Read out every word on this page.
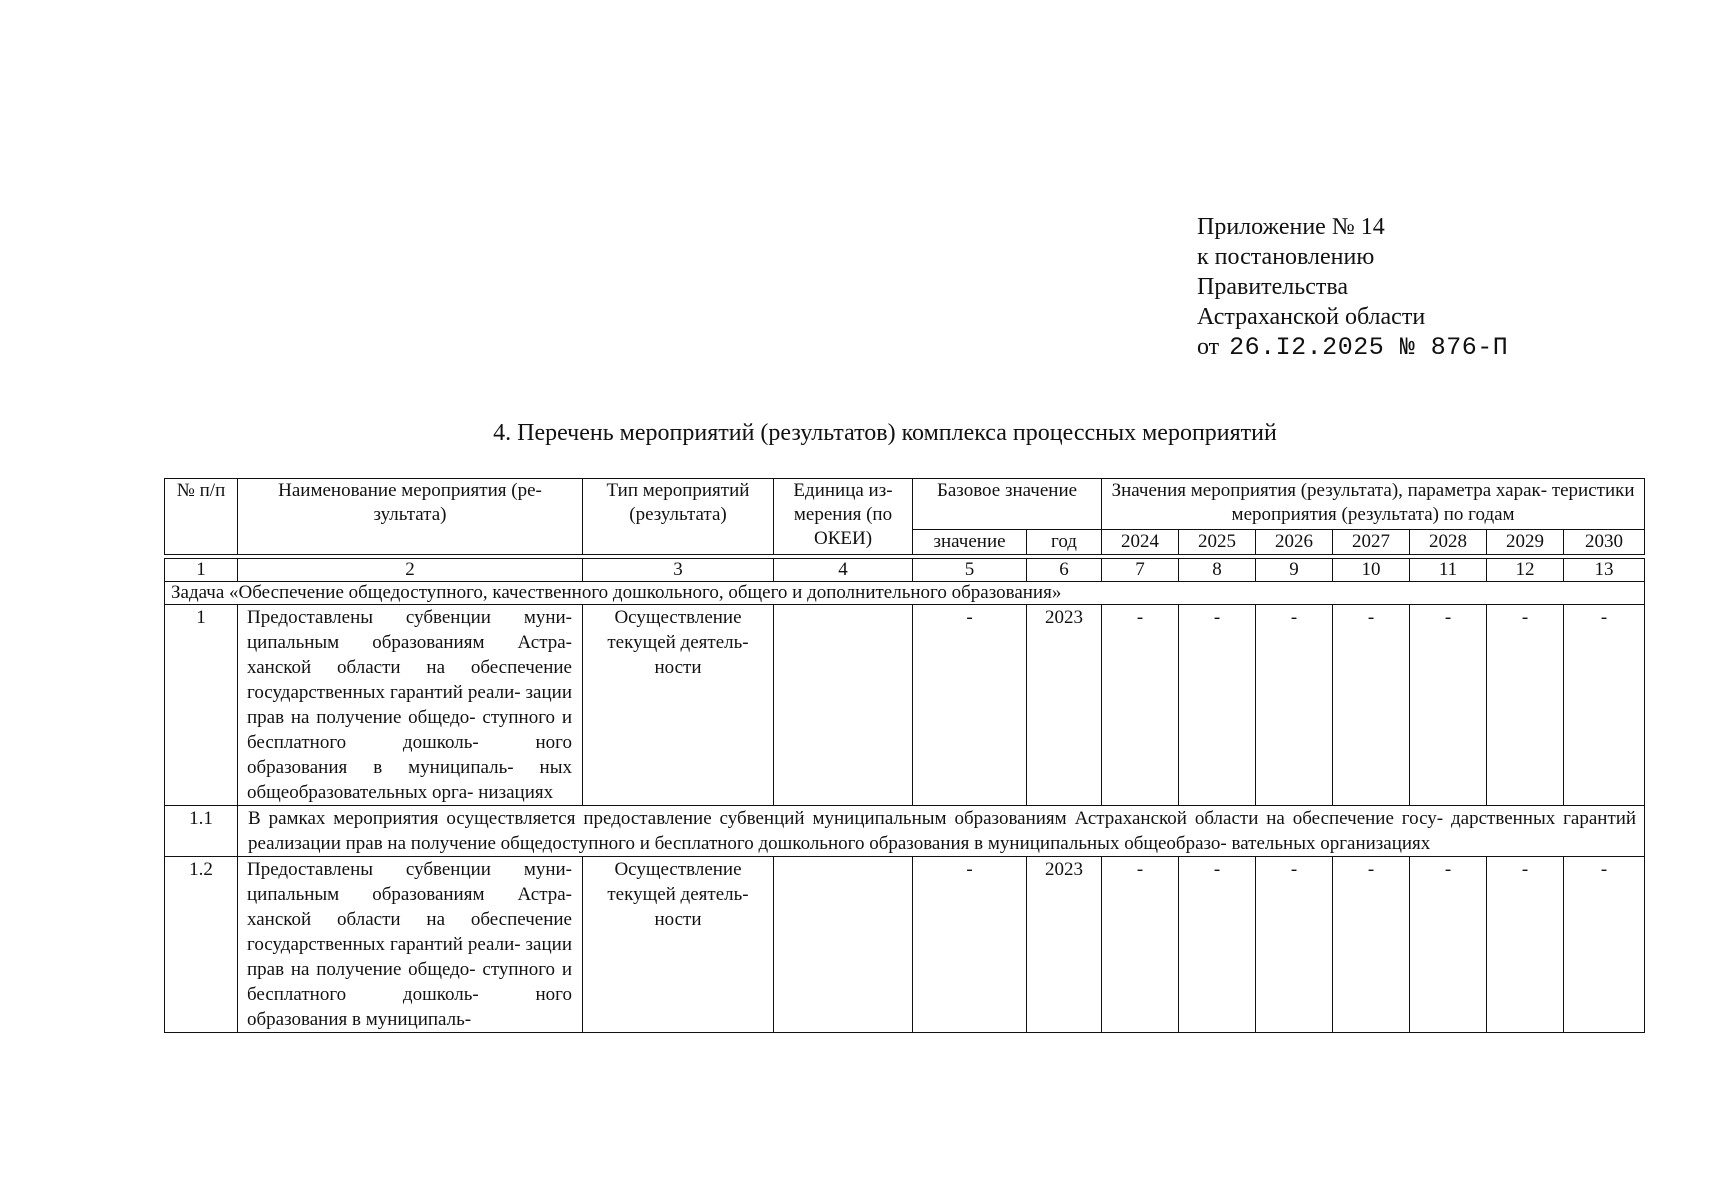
Приложение № 14
к постановлению
Правительства
Астраханской области
от 26.I2.2025 № 876-П
4. Перечень мероприятий (результатов) комплекса процессных мероприятий
№ п/п	Наименование мероприятия (ре- зультата)	Тип мероприятий (результата)	Единица из- мерения (по ОКЕИ)	Базовое значение		Значения мероприятия (результата), параметра харак- теристики мероприятия (результата) по годам						
				значение	год	2024	2025	2026	2027	2028	2029	2030

1	2	3	4	5	6	7	8	9	10	11	12	13
Задача «Обеспечение общедоступного, качественного дошкольного, общего и дополнительного образования»												
1	Предоставлены субвенции муни- ципальным образованиям Астра- ханской области на обеспечение государственных гарантий реали- зации прав на получение общедо- ступного и бесплатного дошколь- ного образования в муниципаль- ных общеобразовательных орга- низациях	Осуществление текущей деятель- ности		-	2023	-	-	-	-	-	-	-
1.1	В рамках мероприятия осуществляется предоставление субвенций муниципальным образованиям Астраханской области на обеспечение госу- дарственных гарантий реализации прав на получение общедоступного и бесплатного дошкольного образования в муниципальных общеобразо- вательных организациях											
1.2	Предоставлены субвенции муни- ципальным образованиям Астра- ханской области на обеспечение государственных гарантий реали- зации прав на получение общедо- ступного и бесплатного дошколь- ного образования в муниципаль-	Осуществление текущей деятель- ности		-	2023	-	-	-	-	-	-	-
